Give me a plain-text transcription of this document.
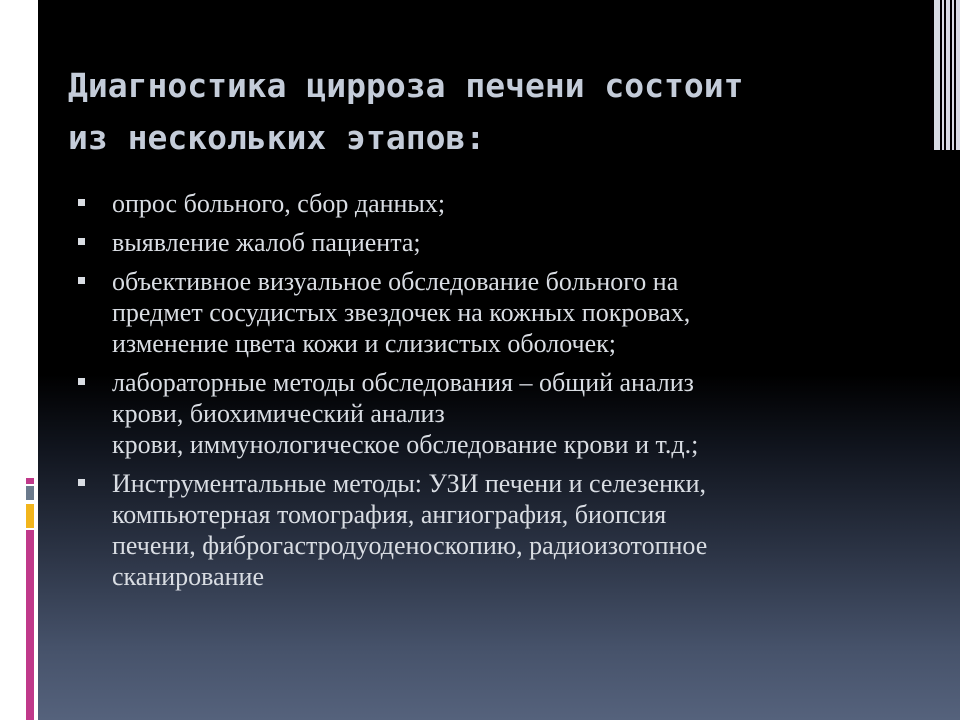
Диагностика цирроза печени состоит
из нескольких этапов:
опрос больного, сбор данных;
выявление жалоб пациента;
объективное визуальное обследование больного на
предмет сосудистых звездочек на кожных покровах,
изменение цвета кожи и слизистых оболочек;
лабораторные методы обследования – общий анализ
крови, биохимический анализ
крови, иммунологическое обследование крови и т.д.;
Инструментальные методы: УЗИ печени и селезенки,
компьютерная томография, ангиография, биопсия
печени, фиброгастродуоденоскопию, радиоизотопное
сканирование
